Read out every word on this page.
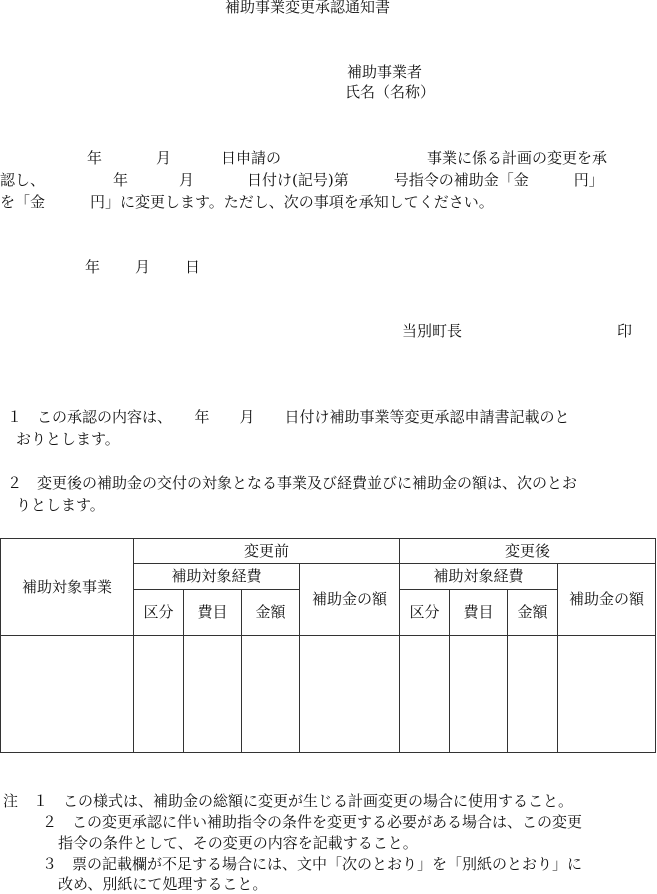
補助事業変更承認通知書
補助事業者
氏名（名称）
年	月	日申請の	事業に係る計画の変更を承
認し、	年	月	日付け(記号)第　　　号指令の補助金「金　　　円」
を「金　　　円」に変更します。ただし、次の事項を承知してください。
年 月 日
当別町長	印
１　この承認の内容は、　　年　　月　　日付け補助事業等変更承認申請書記載のと
おりとします。
２　変更後の補助金の交付の対象となる事業及び経費並びに補助金の額は、次のとお
りとします。
補助対象事業	変更前				変更後			
	補助対象経費			補助金の額	補助対象経費			補助金の額
	区分	費目	金額		区分	費目	金額	

注　１　この様式は、補助金の総額に変更が生じる計画変更の場合に使用すること。
２　この変更承認に伴い補助指令の条件を変更する必要がある場合は、この変更
指令の条件として、その変更の内容を記載すること。
３　票の記載欄が不足する場合には、文中「次のとおり」を「別紙のとおり」に
改め、別紙にて処理すること。
